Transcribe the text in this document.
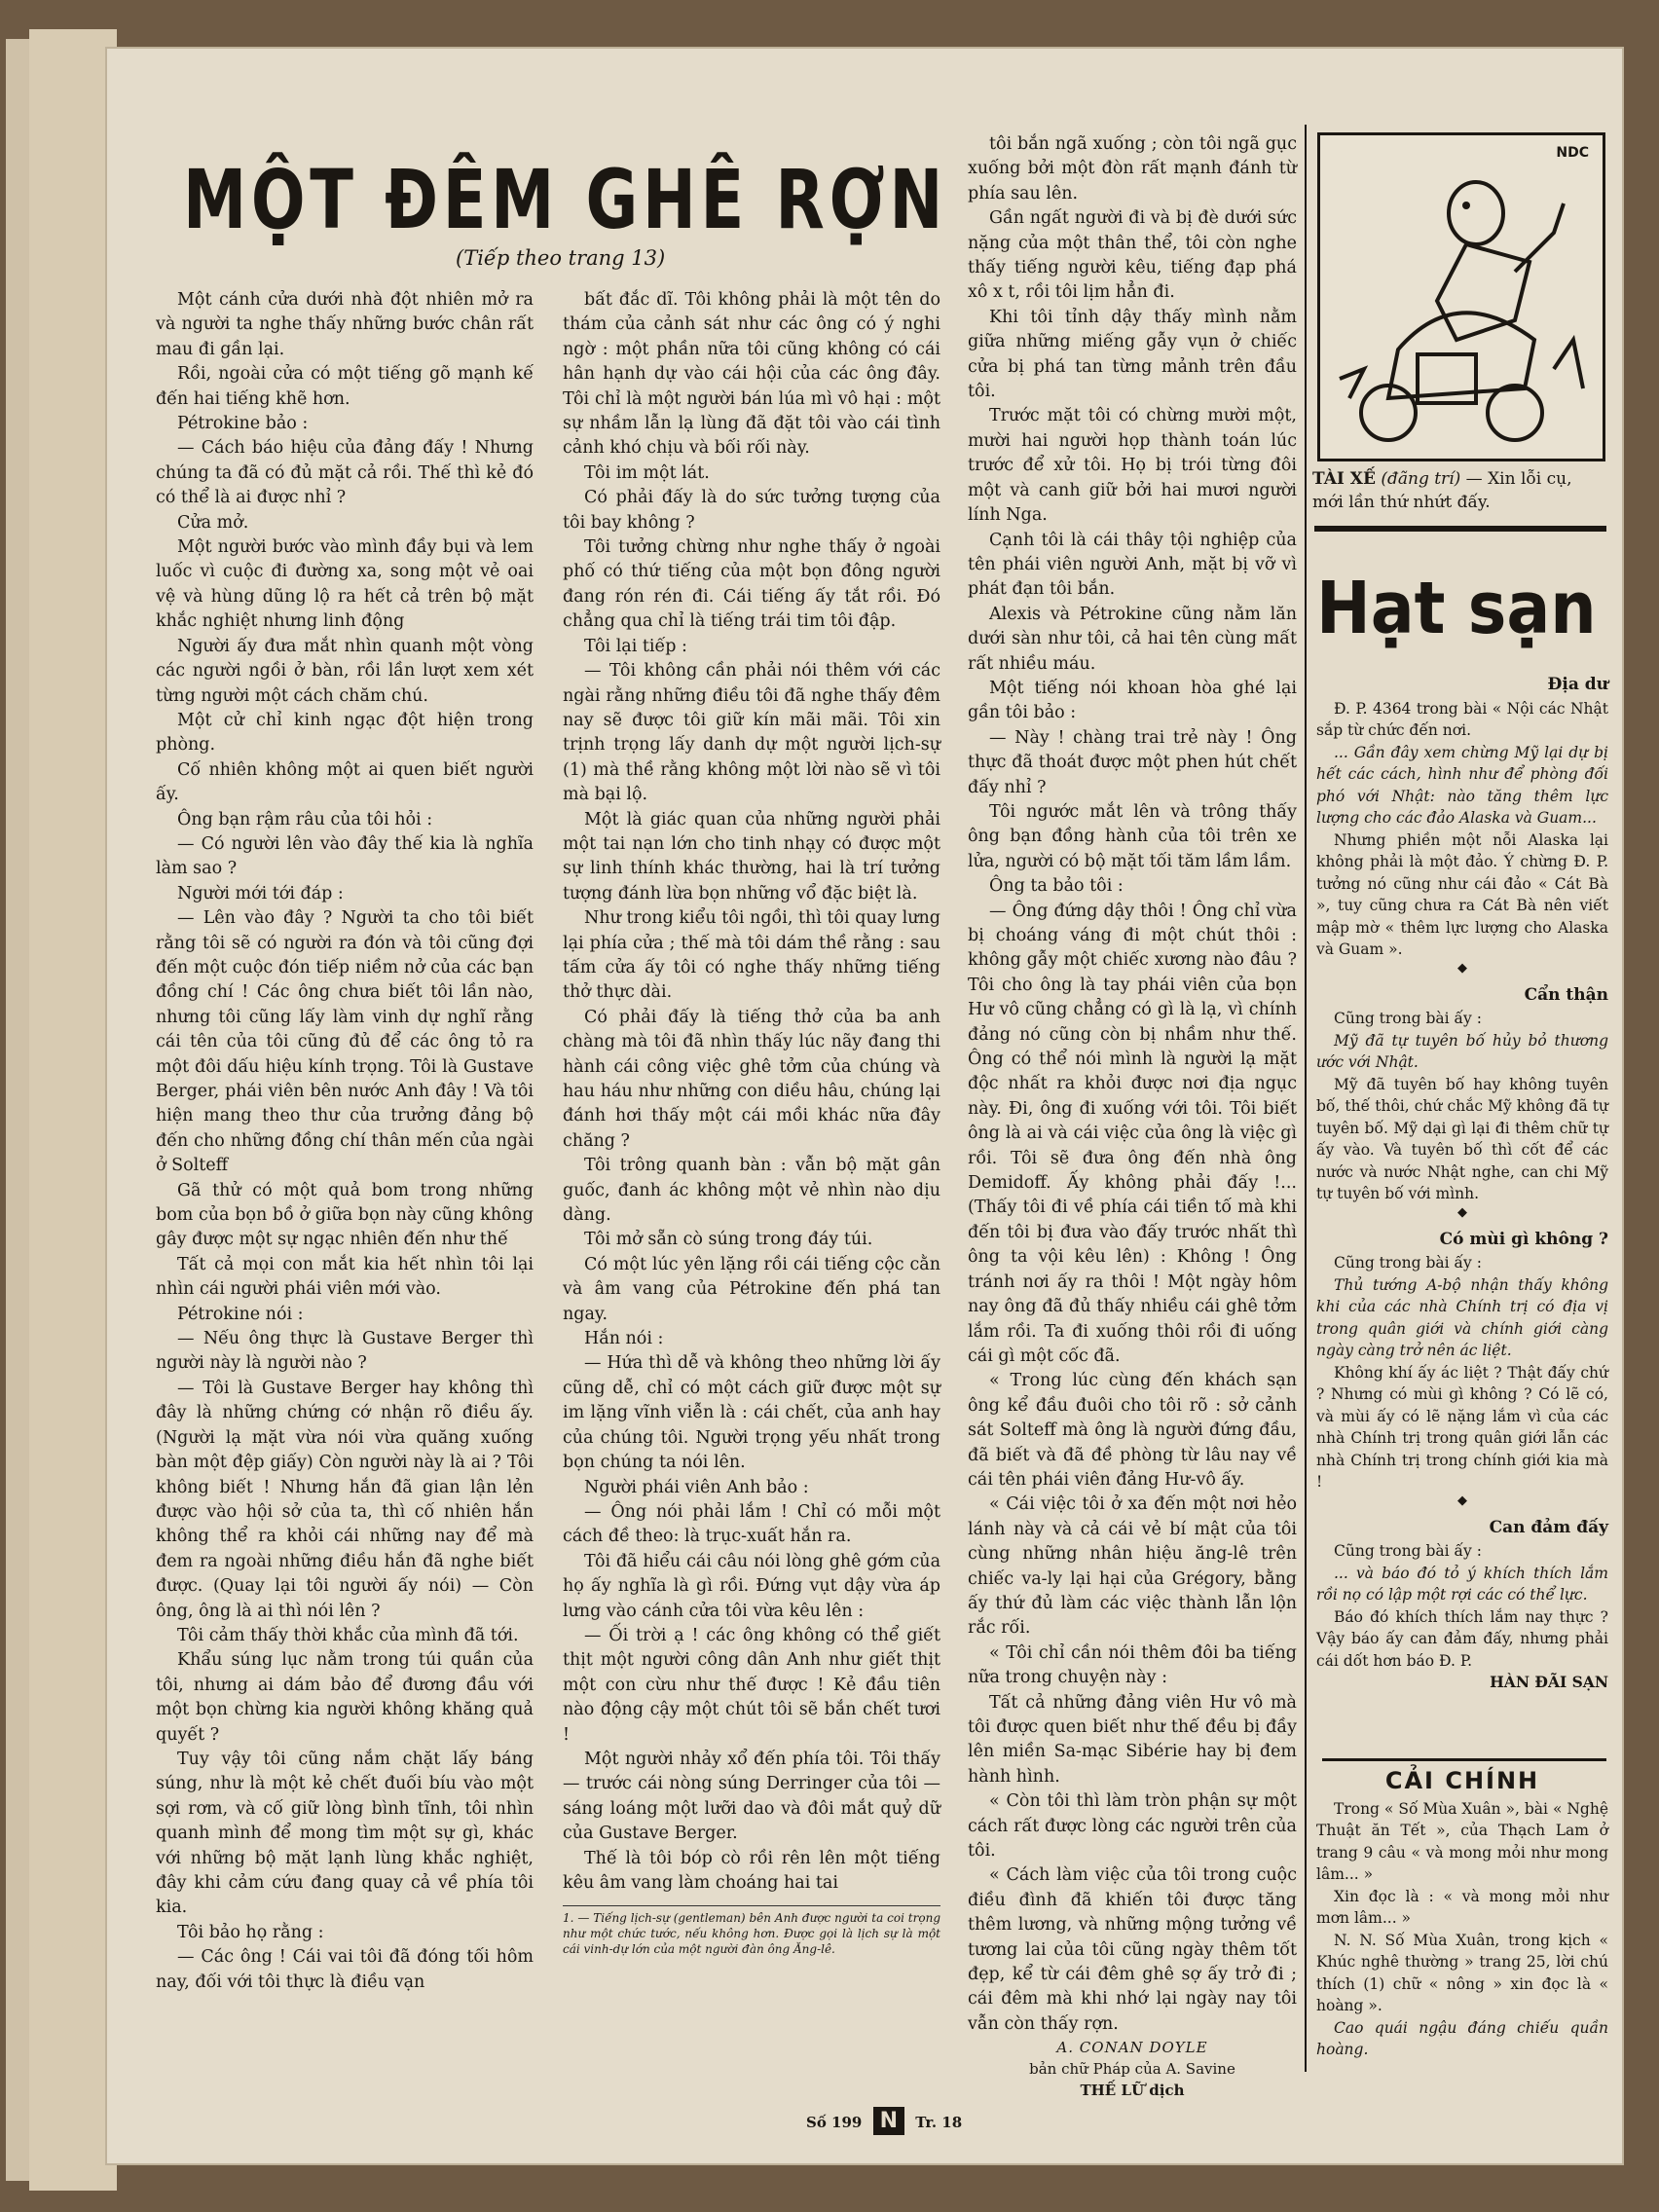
MỘT ĐÊM GHÊ RỢN
(Tiếp theo trang 13)

Một cánh cửa dưới nhà đột nhiên mở ra và người ta nghe thấy những bước chân rất mau đi gần lại.

Rồi, ngoài cửa có một tiếng gõ mạnh kế đến hai tiếng khẽ hơn.

Pétrokine bảo :

— Cách báo hiệu của đảng đấy ! Nhưng chúng ta đã có đủ mặt cả rồi. Thế thì kẻ đó có thể là ai được nhỉ ?

Cửa mở.

Một người bước vào mình đầy bụi và lem luốc vì cuộc đi đường xa, song một vẻ oai vệ và hùng dũng lộ ra hết cả trên bộ mặt khắc nghiệt nhưng linh động

Người ấy đưa mắt nhìn quanh một vòng các người ngồi ở bàn, rồi lần lượt xem xét từng người một cách chăm chú.

Một cử chỉ kinh ngạc đột hiện trong phòng.

Cố nhiên không một ai quen biết người ấy.

Ông bạn rậm râu của tôi hỏi :

— Có người lên vào đây thế kia là nghĩa làm sao ?

Người mới tới đáp :

— Lên vào đây ? Người ta cho tôi biết rằng tôi sẽ có người ra đón và tôi cũng đợi đến một cuộc đón tiếp niềm nở của các bạn đồng chí ! Các ông chưa biết tôi lần nào, nhưng tôi cũng lấy làm vinh dự nghĩ rằng cái tên của tôi cũng đủ để các ông tỏ ra một đôi dấu hiệu kính trọng. Tôi là Gustave Berger, phái viên bên nước Anh đây ! Và tôi hiện mang theo thư của trưởng đảng bộ đến cho những đồng chí thân mến của ngài ở Solteff

Gã thử có một quả bom trong những bom của bọn bồ ở giữa bọn này cũng không gây được một sự ngạc nhiên đến như thế

Tất cả mọi con mắt kia hết nhìn tôi lại nhìn cái người phái viên mới vào.

Pétrokine nói :

— Nếu ông thực là Gustave Berger thì người này là người nào ?

— Tôi là Gustave Berger hay không thì đây là những chứng cớ nhận rõ điều ấy. (Người lạ mặt vừa nói vừa quăng xuống bàn một đệp giấy) Còn người này là ai ? Tôi không biết ! Nhưng hắn đã gian lận lẻn được vào hội sở của ta, thì cố nhiên hắn không thể ra khỏi cái những nay để mà đem ra ngoài những điều hắn đã nghe biết được. (Quay lại tôi người ấy nói) — Còn ông, ông là ai thì nói lên ?

Tôi cảm thấy thời khắc của mình đã tới.

Khẩu súng lục nằm trong túi quần của tôi, nhưng ai dám bảo để đương đầu với một bọn chừng kia người không khăng quả quyết ?

Tuy vậy tôi cũng nắm chặt lấy báng súng, như là một kẻ chết đuối bíu vào một sợi rơm, và cố giữ lòng bình tĩnh, tôi nhìn quanh mình để mong tìm một sự gì, khác với những bộ mặt lạnh lùng khắc nghiệt, đây khi cảm cứu đang quay cả về phía tôi kia.

Tôi bảo họ rằng :

— Các ông ! Cái vai tôi đã đóng tối hôm nay, đối với tôi thực là điều vạn

bất đắc dĩ. Tôi không phải là một tên do thám của cảnh sát như các ông có ý nghi ngờ : một phần nữa tôi cũng không có cái hân hạnh dự vào cái hội của các ông đây. Tôi chỉ là một người bán lúa mì vô hại : một sự nhầm lẫn lạ lùng đã đặt tôi vào cái tình cảnh khó chịu và bối rối này.

Tôi im một lát.

Có phải đấy là do sức tưởng tượng của tôi bay không ?

Tôi tưởng chừng như nghe thấy ở ngoài phố có thứ tiếng của một bọn đông người đang rón rén đi. Cái tiếng ấy tắt rồi. Đó chẳng qua chỉ là tiếng trái tim tôi đập.

Tôi lại tiếp :

— Tôi không cần phải nói thêm với các ngài rằng những điều tôi đã nghe thấy đêm nay sẽ được tôi giữ kín mãi mãi. Tôi xin trịnh trọng lấy danh dự một người lịch-sự (1) mà thề rằng không một lời nào sẽ vì tôi mà bại lộ.

Một là giác quan của những người phải một tai nạn lớn cho tinh nhạy có được một sự linh thính khác thường, hai là trí tưởng tượng đánh lừa bọn những vổ đặc biệt là.

Như trong kiểu tôi ngồi, thì tôi quay lưng lại phía cửa ; thế mà tôi dám thề rằng : sau tấm cửa ấy tôi có nghe thấy những tiếng thở thực dài.

Có phải đấy là tiếng thở của ba anh chàng mà tôi đã nhìn thấy lúc nãy đang thi hành cái công việc ghê tởm của chúng và hau háu như những con diều hâu, chúng lại đánh hơi thấy một cái mồi khác nữa đây chăng ?

Tôi trông quanh bàn : vẫn bộ mặt gân guốc, đanh ác không một vẻ nhìn nào dịu dàng.

Tôi mở sẵn cò súng trong đáy túi.

Có một lúc yên lặng rồi cái tiếng cộc cằn và âm vang của Pétrokine đến phá tan ngay.

Hắn nói :

— Hứa thì dễ và không theo những lời ấy cũng dễ, chỉ có một cách giữ được một sự im lặng vĩnh viễn là : cái chết, của anh hay của chúng tôi. Người trọng yếu nhất trong bọn chúng ta nói lên.

Người phái viên Anh bảo :

— Ông nói phải lắm ! Chỉ có mỗi một cách đề theo: là trục-xuất hắn ra.

Tôi đã hiểu cái câu nói lòng ghê gớm của họ ấy nghĩa là gì rồi. Đứng vụt dậy vừa áp lưng vào cánh cửa tôi vừa kêu lên :

— Ối trời ạ ! các ông không có thể giết thịt một người công dân Anh như giết thịt một con cừu như thế được ! Kẻ đầu tiên nào động cậy một chút tôi sẽ bắn chết tươi !

Một người nhảy xổ đến phía tôi. Tôi thấy — trước cái nòng súng Derringer của tôi — sáng loáng một lưỡi dao và đôi mắt quỷ dữ của Gustave Berger.

Thế là tôi bóp cò rồi rên lên một tiếng kêu âm vang làm choáng hai tai

1. — Tiếng lịch-sự (gentleman) bên Anh được người ta coi trọng như một chức tước, nếu không hơn. Được gọi là lịch sự là một cái vinh-dự lớn của một người đàn ông Ăng-lê.

tôi bắn ngã xuống ; còn tôi ngã gục xuống bởi một đòn rất mạnh đánh từ phía sau lên.

Gần ngất người đi và bị đè dưới sức nặng của một thân thể, tôi còn nghe thấy tiếng người kêu, tiếng đạp phá xô x t, rồi tôi lịm hẳn đi.

Khi tôi tỉnh dậy thấy mình nằm giữa những miếng gẫy vụn ở chiếc cửa bị phá tan từng mảnh trên đầu tôi.

Trước mặt tôi có chừng mười một, mười hai người họp thành toán lúc trước để xử tôi. Họ bị trói từng đôi một và canh giữ bởi hai mươi người lính Nga.

Cạnh tôi là cái thây tội nghiệp của tên phái viên người Anh, mặt bị vỡ vì phát đạn tôi bắn.

Alexis và Pétrokine cũng nằm lăn dưới sàn như tôi, cả hai tên cùng mất rất nhiều máu.

Một tiếng nói khoan hòa ghé lại gần tôi bảo :

— Này ! chàng trai trẻ này ! Ông thực đã thoát được một phen hút chết đấy nhỉ ?

Tôi ngước mắt lên và trông thấy ông bạn đồng hành của tôi trên xe lửa, người có bộ mặt tối tăm lầm lầm.

Ông ta bảo tôi :

— Ông đứng dậy thôi ! Ông chỉ vừa bị choáng váng đi một chút thôi : không gẫy một chiếc xương nào đâu ? Tôi cho ông là tay phái viên của bọn Hư vô cũng chẳng có gì là lạ, vì chính đảng nó cũng còn bị nhầm như thế. Ông có thể nói mình là người lạ mặt độc nhất ra khỏi được nơi địa ngục này. Đi, ông đi xuống với tôi. Tôi biết ông là ai và cái việc của ông là việc gì rồi. Tôi sẽ đưa ông đến nhà ông Demidoff. Ấy không phải đấy !... (Thấy tôi đi về phía cái tiền tố mà khi đến tôi bị đưa vào đấy trước nhất thì ông ta vội kêu lên) : Không ! Ông tránh nơi ấy ra thôi ! Một ngày hôm nay ông đã đủ thấy nhiều cái ghê tởm lắm rồi. Ta đi xuống thôi rồi đi uống cái gì một cốc đã.

« Trong lúc cùng đến khách sạn ông kể đầu đuôi cho tôi rõ : sở cảnh sát Solteff mà ông là người đứng đầu, đã biết và đã đề phòng từ lâu nay về cái tên phái viên đảng Hư-vô ấy.

« Cái việc tôi ở xa đến một nơi hẻo lánh này và cả cái vẻ bí mật của tôi cùng những nhân hiệu ăng-lê trên chiếc va-ly lại hại của Grégory, bằng ấy thứ đủ làm các việc thành lẫn lộn rắc rối.

« Tôi chỉ cần nói thêm đôi ba tiếng nữa trong chuyện này :

Tất cả những đảng viên Hư vô mà tôi được quen biết như thế đều bị đầy lên miền Sa-mạc Sibérie hay bị đem hành hình.

« Còn tôi thì làm tròn phận sự một cách rất được lòng các người trên của tôi.

« Cách làm việc của tôi trong cuộc điều đình đã khiến tôi được tăng thêm lương, và những mộng tưởng về tương lai của tôi cũng ngày thêm tốt đẹp, kể từ cái đêm ghê sợ ấy trở đi ; cái đêm mà khi nhớ lại ngày nay tôi vẫn còn thấy rợn.

A. CONAN DOYLE
bản chữ Pháp của A. Savine
THẾ LỮ dịch
NDC
TÀI XẾ (đãng trí) — Xin lỗi cụ, mới lần thứ nhứt đấy.
Hạt sạn
Địa dư

Đ. P. 4364 trong bài « Nội các Nhật sắp từ chức đến nơi.

... Gần đây xem chừng Mỹ lại dự bị hết các cách, hình như để phòng đối phó với Nhật: nào tăng thêm lực lượng cho các đảo Alaska và Guam...

Nhưng phiền một nỗi Alaska lại không phải là một đảo. Ý chừng Đ. P. tưởng nó cũng như cái đảo « Cát Bà », tuy cũng chưa ra Cát Bà nên viết mập mờ « thêm lực lượng cho Alaska và Guam ».

◆
Cẩn thận

Cũng trong bài ấy :

Mỹ đã tự tuyên bố hủy bỏ thương ước với Nhật.

Mỹ đã tuyên bố hay không tuyên bố, thế thôi, chứ chắc Mỹ không đã tự tuyên bố. Mỹ dại gì lại đi thêm chữ tự ấy vào. Và tuyên bố thì cốt để các nước và nước Nhật nghe, can chi Mỹ tự tuyên bố với mình.

◆
Có mùi gì không ?

Cũng trong bài ấy :

Thủ tướng A-bộ nhận thấy không khi của các nhà Chính trị có địa vị trong quân giới và chính giới càng ngày càng trở nên ác liệt.

Không khí ấy ác liệt ? Thật đấy chứ ? Nhưng có mùi gì không ? Có lẽ có, và mùi ấy có lẽ nặng lắm vì của các nhà Chính trị trong quân giới lẫn các nhà Chính trị trong chính giới kia mà !

◆
Can đảm đấy

Cũng trong bài ấy :

... và báo đó tỏ ý khích thích lắm rồi nọ có lập một rợi các có thể lực.

Báo đó khích thích lắm nay thực ? Vậy báo ấy can đảm đấy, nhưng phải cái dốt hơn báo Đ. P.

HÀN ĐÃI SẠN
CẢI CHÍNH

Trong « Số Mùa Xuân », bài « Nghệ Thuật ăn Tết », của Thạch Lam ở trang 9 câu « và mong mỏi như mong lâm... »

Xin đọc là : « và mong mỏi như mơn lâm... »

N. N. Số Mùa Xuân, trong kịch « Khúc nghê thường » trang 25, lời chú thích (1) chữ « nông » xin đọc là « hoàng ».

Cao quái ngậu đáng chiếu quần hoàng.

Số 199 N Tr. 18
